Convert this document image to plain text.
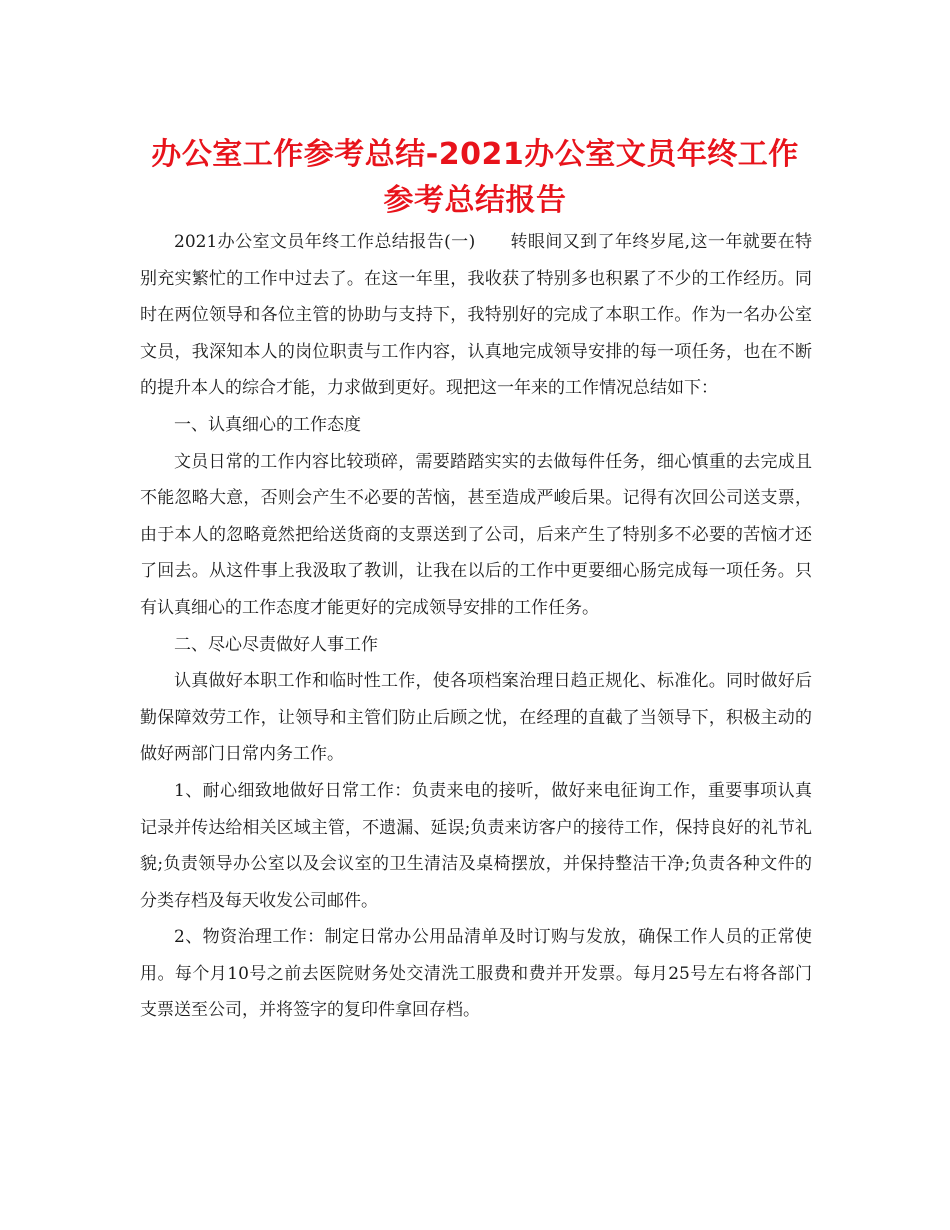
办公室工作参考总结-2021办公室文员年终工作
参考总结报告

2021办公室文员年终工作总结报告(一)　　转眼间又到了年终岁尾,这一年就要在特别充实繁忙的工作中过去了。在这一年里，我收获了特别多也积累了不少的工作经历。同时在两位领导和各位主管的协助与支持下，我特别好的完成了本职工作。作为一名办公室文员，我深知本人的岗位职责与工作内容，认真地完成领导安排的每一项任务，也在不断的提升本人的综合才能，力求做到更好。现把这一年来的工作情况总结如下：

一、认真细心的工作态度

文员日常的工作内容比较琐碎，需要踏踏实实的去做每件任务，细心慎重的去完成且不能忽略大意，否则会产生不必要的苦恼，甚至造成严峻后果。记得有次回公司送支票，由于本人的忽略竟然把给送货商的支票送到了公司，后来产生了特别多不必要的苦恼才还了回去。从这件事上我汲取了教训，让我在以后的工作中更要细心肠完成每一项任务。只有认真细心的工作态度才能更好的完成领导安排的工作任务。

二、尽心尽责做好人事工作

认真做好本职工作和临时性工作，使各项档案治理日趋正规化、标准化。同时做好后勤保障效劳工作，让领导和主管们防止后顾之忧，在经理的直截了当领导下，积极主动的做好两部门日常内务工作。

1、耐心细致地做好日常工作：负责来电的接听，做好来电征询工作，重要事项认真记录并传达给相关区域主管，不遗漏、延误;负责来访客户的接待工作，保持良好的礼节礼貌;负责领导办公室以及会议室的卫生清洁及桌椅摆放，并保持整洁干净;负责各种文件的分类存档及每天收发公司邮件。

2、物资治理工作：制定日常办公用品清单及时订购与发放，确保工作人员的正常使用。每个月10号之前去医院财务处交清洗工服费和费并开发票。每月25号左右将各部门支票送至公司，并将签字的复印件拿回存档。
